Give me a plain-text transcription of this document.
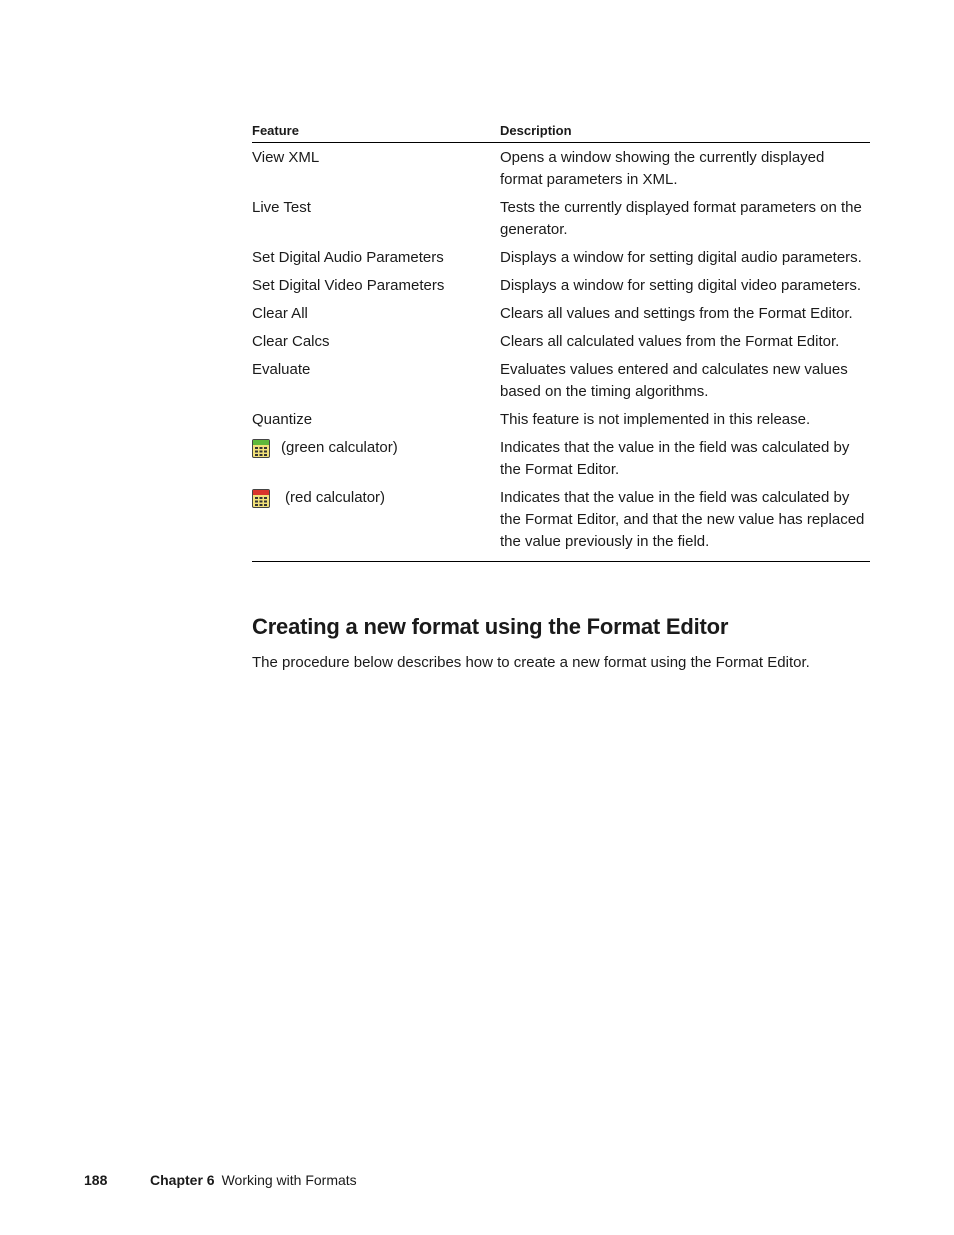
Feature	Description
View XML	Opens a window showing the currently displayed format parameters in XML.
Live Test	Tests the currently displayed format parameters on the generator.
Set Digital Audio Parameters	Displays a window for setting digital audio parameters.
Set Digital Video Parameters	Displays a window for setting digital video parameters.
Clear All	Clears all values and settings from the Format Editor.
Clear Calcs	Clears all calculated values from the Format Editor.
Evaluate	Evaluates values entered and calculates new values based on the timing algorithms.
Quantize	This feature is not implemented in this release.
(green calculator)	Indicates that the value in the field was calculated by the Format Editor.
(red calculator)	Indicates that the value in the field was calculated by the Format Editor, and that the new value has replaced the value previously in the field.
Creating a new format using the Format Editor

The procedure below describes how to create a new format using the Format Editor.

188	Chapter 6 Working with Formats
